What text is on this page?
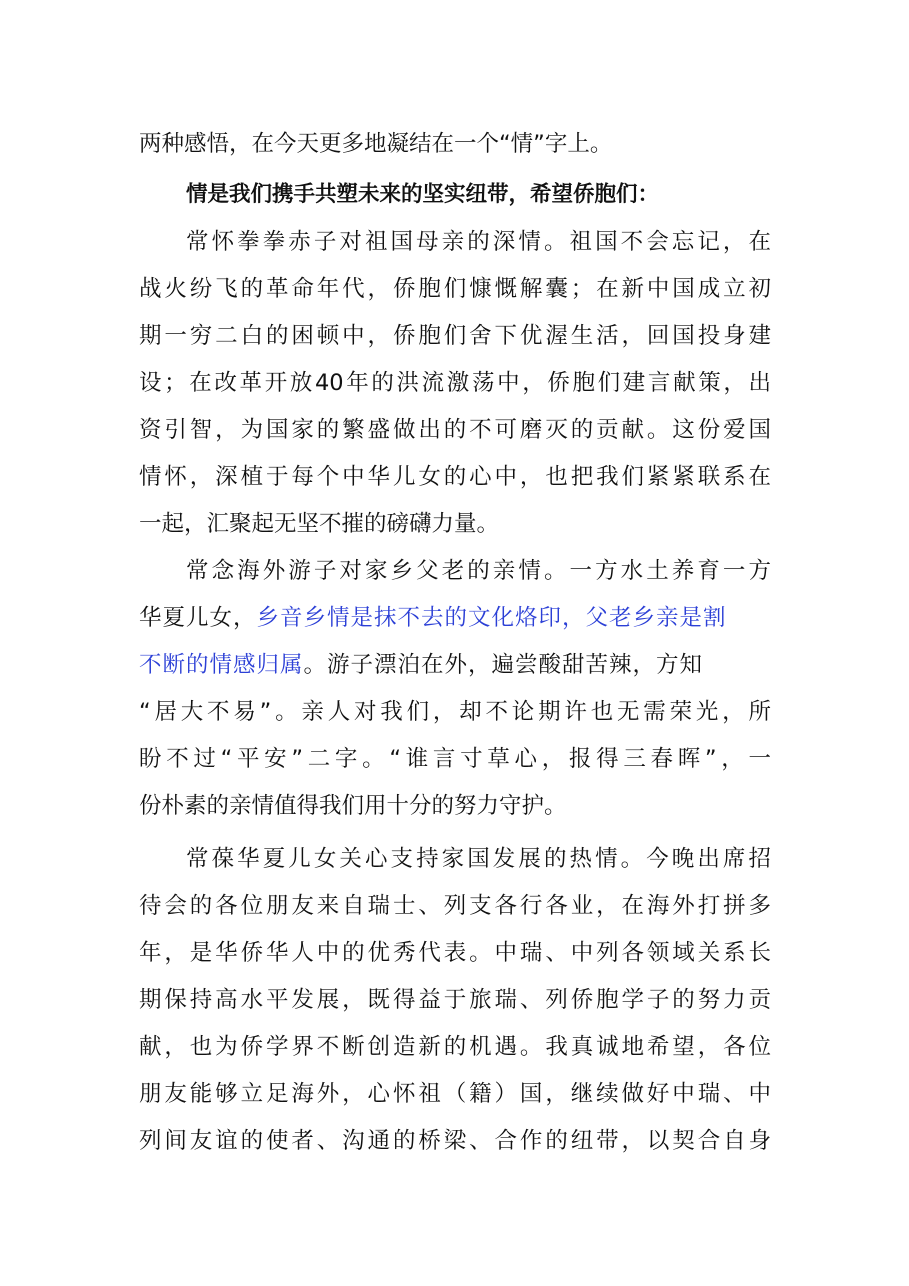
两种感悟，在今天更多地凝结在一个“情”字上。
情是我们携手共塑未来的坚实纽带，希望侨胞们：
常怀拳拳赤子对祖国母亲的深情。祖国不会忘记，在
战火纷飞的革命年代，侨胞们慷慨解囊；在新中国成立初
期一穷二白的困顿中，侨胞们舍下优渥生活，回国投身建
设；在改革开放40年的洪流激荡中，侨胞们建言献策，出
资引智，为国家的繁盛做出的不可磨灭的贡献。这份爱国
情怀，深植于每个中华儿女的心中，也把我们紧紧联系在
一起，汇聚起无坚不摧的磅礴力量。
常念海外游子对家乡父老的亲情。一方水土养育一方
华夏儿女，乡音乡情是抹不去的文化烙印，父老乡亲是割
不断的情感归属。游子漂泊在外，遍尝酸甜苦辣，方知
“居大不易”。亲人对我们，却不论期许也无需荣光，所
盼不过“平安”二字。“谁言寸草心，报得三春晖”，一
份朴素的亲情值得我们用十分的努力守护。
常葆华夏儿女关心支持家国发展的热情。今晚出席招
待会的各位朋友来自瑞士、列支各行各业，在海外打拼多
年，是华侨华人中的优秀代表。中瑞、中列各领域关系长
期保持高水平发展，既得益于旅瑞、列侨胞学子的努力贡
献，也为侨学界不断创造新的机遇。我真诚地希望，各位
朋友能够立足海外，心怀祖（籍）国，继续做好中瑞、中
列间友谊的使者、沟通的桥梁、合作的纽带，以契合自身
